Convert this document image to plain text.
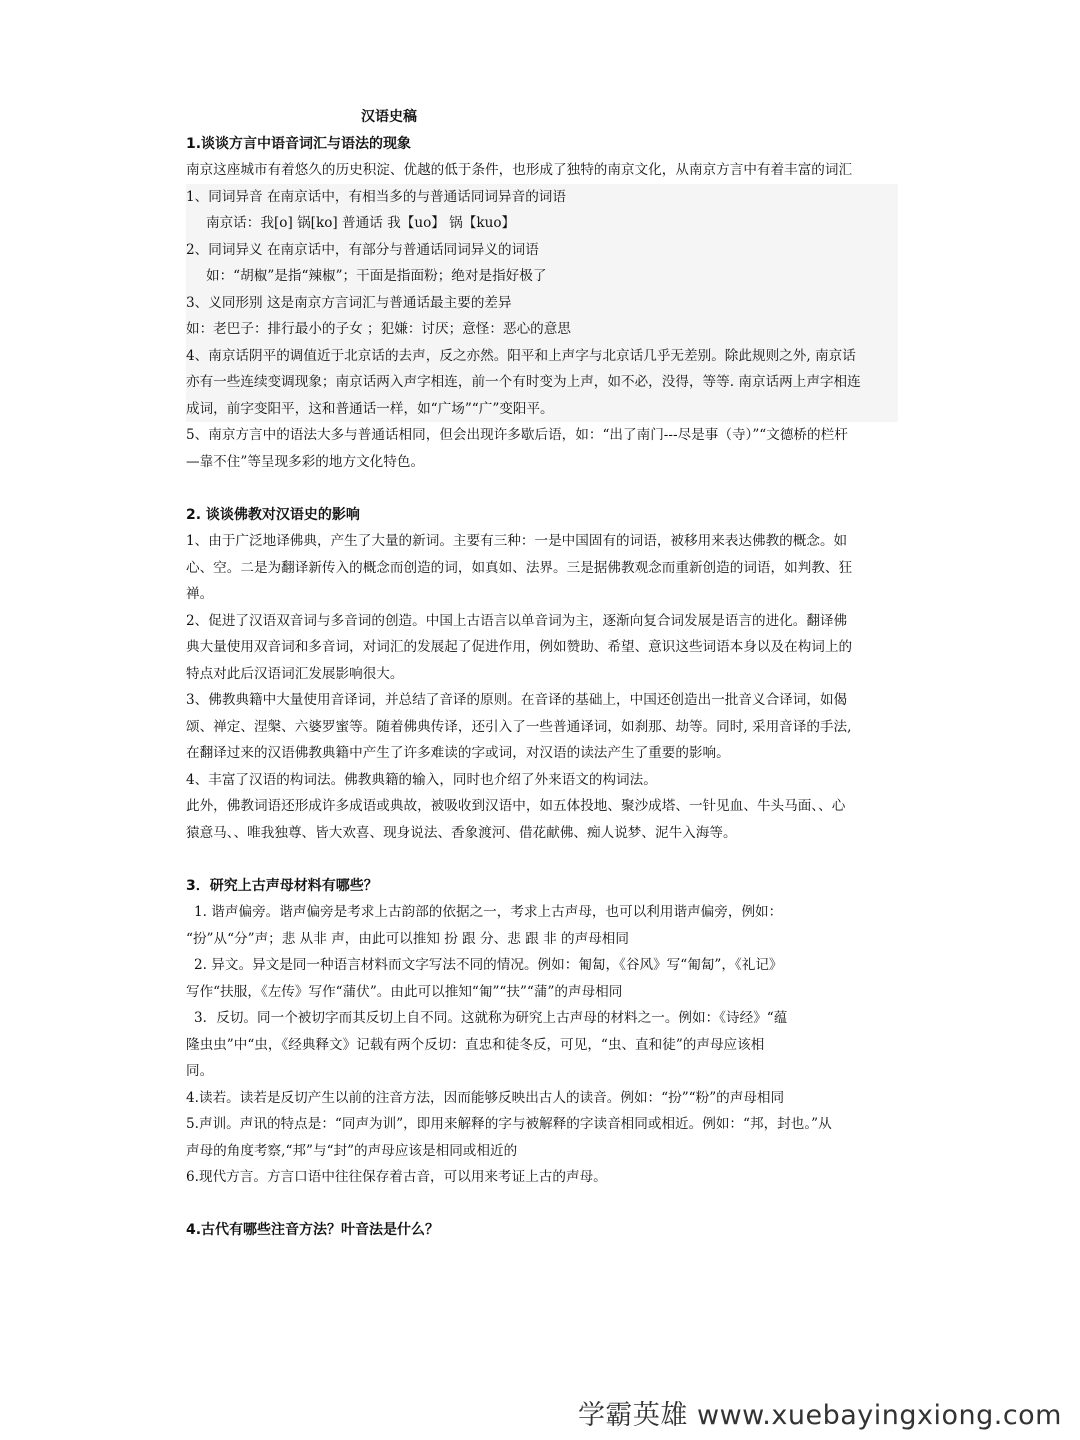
汉语史稿
1.谈谈方言中语音词汇与语法的现象
南京这座城市有着悠久的历史积淀、优越的低于条件，也形成了独特的南京文化，从南京方言中有着丰富的词汇
1、同词异音 在南京话中，有相当多的与普通话同词异音的词语
南京话：我[o] 锅[ko] 普通话 我【uo】 锅【kuo】
2、同词异义 在南京话中，有部分与普通话同词异义的词语
如：“胡椒”是指“辣椒”；干面是指面粉；绝对是指好极了
3、义同形别 这是南京方言词汇与普通话最主要的差异
如：老巴子：排行最小的子女 ；犯嫌：讨厌；意怪：恶心的意思
4、南京话阴平的调值近于北京话的去声，反之亦然。阳平和上声字与北京话几乎无差别。除此规则之外, 南京话
亦有一些连续变调现象；南京话两入声字相连，前一个有时变为上声，如不必，没得，等等. 南京话两上声字相连
成词，前字变阳平，这和普通话一样，如“广场”“广”变阳平。
5、南京方言中的语法大多与普通话相同，但会出现许多歇后语，如：“出了南门---尽是事（寺）”“文德桥的栏杆
—靠不住”等呈现多彩的地方文化特色。
2. 谈谈佛教对汉语史的影响
1、由于广泛地译佛典，产生了大量的新词。主要有三种：一是中国固有的词语，被移用来表达佛教的概念。如
心、空。二是为翻译新传入的概念而创造的词，如真如、法界。三是据佛教观念而重新创造的词语，如判教、狂
禅。
2、促进了汉语双音词与多音词的创造。中国上古语言以单音词为主，逐渐向复合词发展是语言的进化。翻译佛
典大量使用双音词和多音词，对词汇的发展起了促进作用，例如赞助、希望、意识这些词语本身以及在构词上的
特点对此后汉语词汇发展影响很大。
3、佛教典籍中大量使用音译词，并总结了音译的原则。在音译的基础上，中国还创造出一批音义合译词，如偈
颂、禅定、涅槃、六婆罗蜜等。随着佛典传译，还引入了一些普通译词，如刹那、劫等。同时, 采用音译的手法,
在翻译过来的汉语佛教典籍中产生了许多难读的字或词，对汉语的读法产生了重要的影响。
4、丰富了汉语的构词法。佛教典籍的输入，同时也介绍了外来语文的构词法。
此外，佛教词语还形成许多成语或典故，被吸收到汉语中，如五体投地、聚沙成塔、一针见血、牛头马面、、心
猿意马、、唯我独尊、皆大欢喜、现身说法、香象渡河、借花献佛、痴人说梦、泥牛入海等。
3．研究上古声母材料有哪些？
1. 谐声偏旁。谐声偏旁是考求上古韵部的依据之一，考求上古声母，也可以利用谐声偏旁，例如：
“扮”从“分”声；悲 从非 声，由此可以推知 扮 跟 分、悲 跟 非 的声母相同
2. 异文。异文是同一种语言材料而文字写法不同的情况。例如：匍匐，《谷风》写“匍匐”，《礼记》
写作“扶服，《左传》写作“蒲伏”。由此可以推知“匍”“扶”“蒲”的声母相同
3．反切。同一个被切字而其反切上自不同。这就称为研究上古声母的材料之一。例如：《诗经》“蕴
隆虫虫”中“虫，《经典释文》记载有两个反切：直忠和徒冬反，可见，“虫、直和徒”的声母应该相
同。
4.读若。读若是反切产生以前的注音方法，因而能够反映出古人的读音。例如：“扮”“粉”的声母相同
5.声训。声讯的特点是：“同声为训”，即用来解释的字与被解释的字读音相同或相近。例如：“邦，封也。”从
声母的角度考察,“邦”与“封”的声母应该是相同或相近的
6.现代方言。方言口语中往往保存着古音，可以用来考证上古的声母。
4.古代有哪些注音方法？叶音法是什么？
学霸英雄 www.xuebayingxiong.com
